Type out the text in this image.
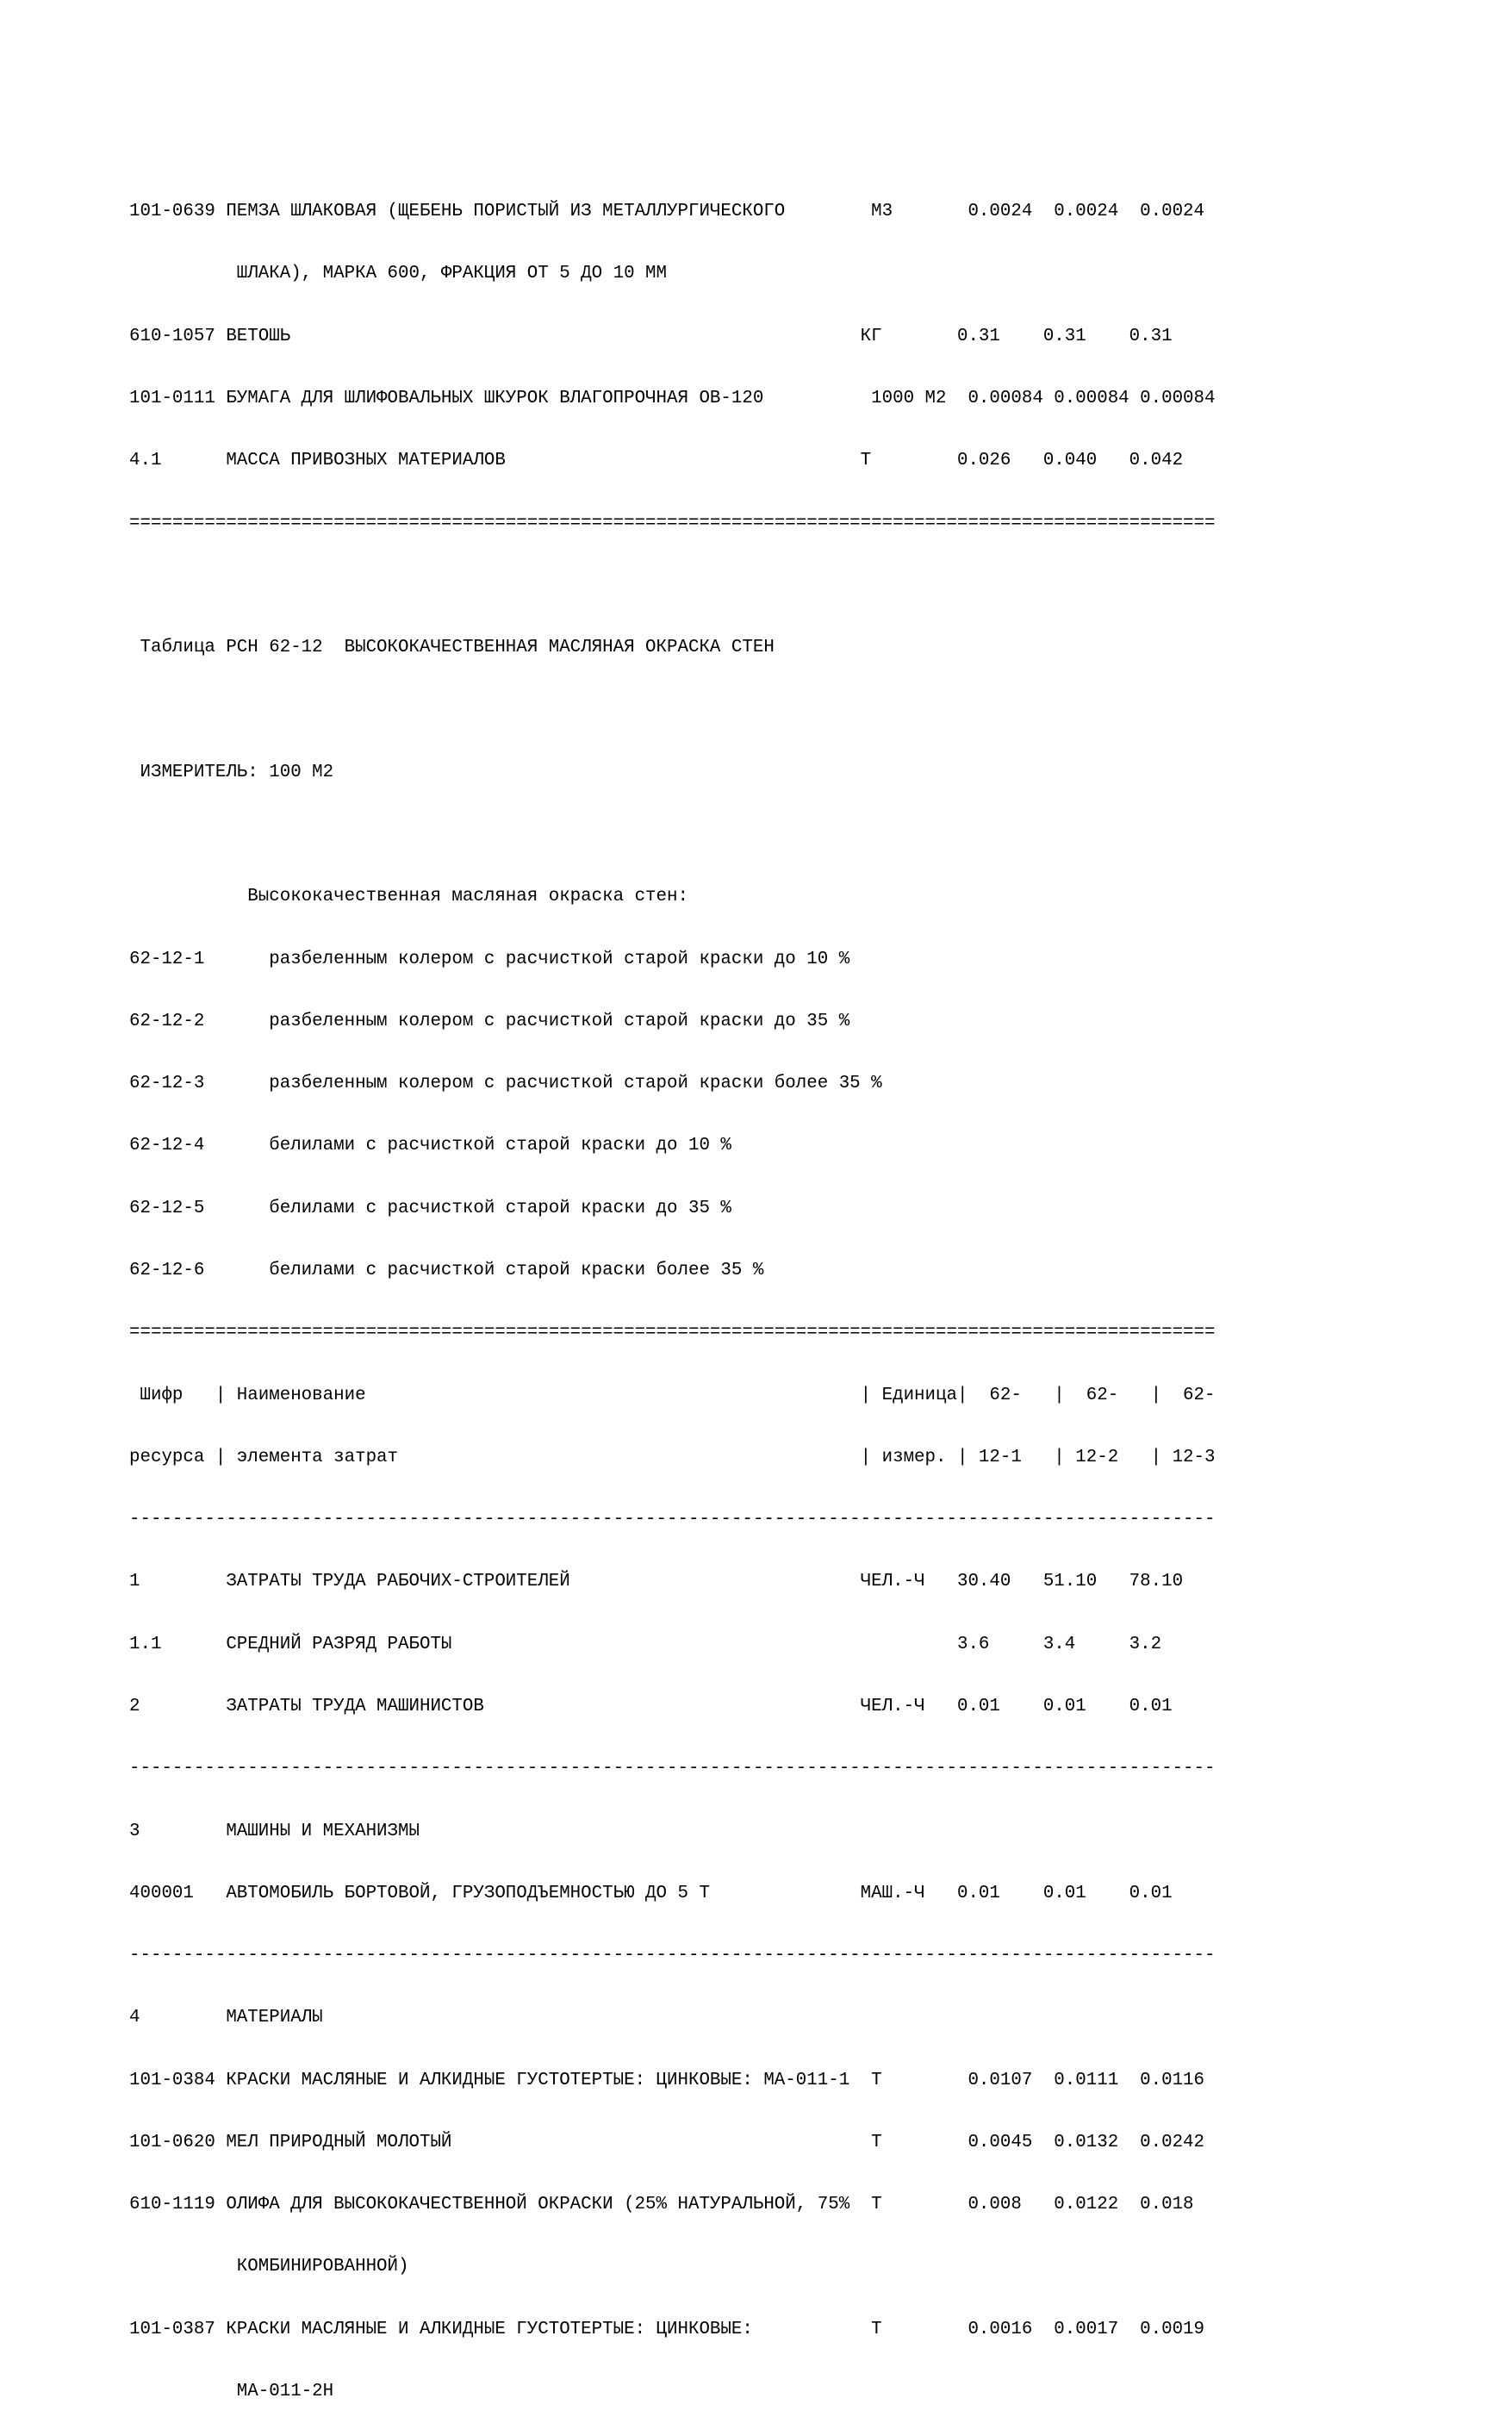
101-0639 ПЕМЗА ШЛАКОВАЯ (ЩЕБЕНЬ ПОРИСТЫЙ ИЗ МЕТАЛЛУРГИЧЕСКОГО        М3       0.0024  0.0024  0.0024

ШЛАКА), МАРКА 600, ФРАКЦИЯ ОТ 5 ДО 10 ММ

610-1057 ВЕТОШЬ                                                     КГ       0.31    0.31    0.31

101-0111 БУМАГА ДЛЯ ШЛИФОВАЛЬНЫХ ШКУРОК ВЛАГОПРОЧНАЯ ОВ-120          1000 М2  0.00084 0.00084 0.00084

4.1      МАССА ПРИВОЗНЫХ МАТЕРИАЛОВ                                 Т        0.026   0.040   0.042

=====================================================================================================

Таблица РСН 62-12  ВЫСОКОКАЧЕСТВЕННАЯ МАСЛЯНАЯ ОКРАСКА СТЕН

ИЗМЕРИТЕЛЬ: 100 М2

Высококачественная масляная окраска стен:

62-12-1      разбеленным колером с расчисткой старой краски до 10 %

62-12-2      разбеленным колером с расчисткой старой краски до 35 %

62-12-3      разбеленным колером с расчисткой старой краски более 35 %

62-12-4      белилами с расчисткой старой краски до 10 %

62-12-5      белилами с расчисткой старой краски до 35 %

62-12-6      белилами с расчисткой старой краски более 35 %

=====================================================================================================

Шифр   | Наименование                                              | Единица|  62-   |  62-   |  62-

ресурса | элемента затрат                                           | измер. | 12-1   | 12-2   | 12-3

-----------------------------------------------------------------------------------------------------

1        ЗАТРАТЫ ТРУДА РАБОЧИХ-СТРОИТЕЛЕЙ                           ЧЕЛ.-Ч   30.40   51.10   78.10

1.1      СРЕДНИЙ РАЗРЯД РАБОТЫ                                               3.6     3.4     3.2

2        ЗАТРАТЫ ТРУДА МАШИНИСТОВ                                   ЧЕЛ.-Ч   0.01    0.01    0.01

-----------------------------------------------------------------------------------------------------

3        МАШИНЫ И МЕХАНИЗМЫ

400001   АВТОМОБИЛЬ БОРТОВОЙ, ГРУЗОПОДЪЕМНОСТЬЮ ДО 5 Т              МАШ.-Ч   0.01    0.01    0.01

-----------------------------------------------------------------------------------------------------

4        МАТЕРИАЛЫ

101-0384 КРАСКИ МАСЛЯНЫЕ И АЛКИДНЫЕ ГУСТОТЕРТЫЕ: ЦИНКОВЫЕ: МА-011-1  Т        0.0107  0.0111  0.0116

101-0620 МЕЛ ПРИРОДНЫЙ МОЛОТЫЙ                                       Т        0.0045  0.0132  0.0242

610-1119 ОЛИФА ДЛЯ ВЫСОКОКАЧЕСТВЕННОЙ ОКРАСКИ (25% НАТУРАЛЬНОЙ, 75%  Т        0.008   0.0122  0.018

КОМБИНИРОВАННОЙ)

101-0387 КРАСКИ МАСЛЯНЫЕ И АЛКИДНЫЕ ГУСТОТЕРТЫЕ: ЦИНКОВЫЕ:           Т        0.0016  0.0017  0.0019

МА-011-2Н
